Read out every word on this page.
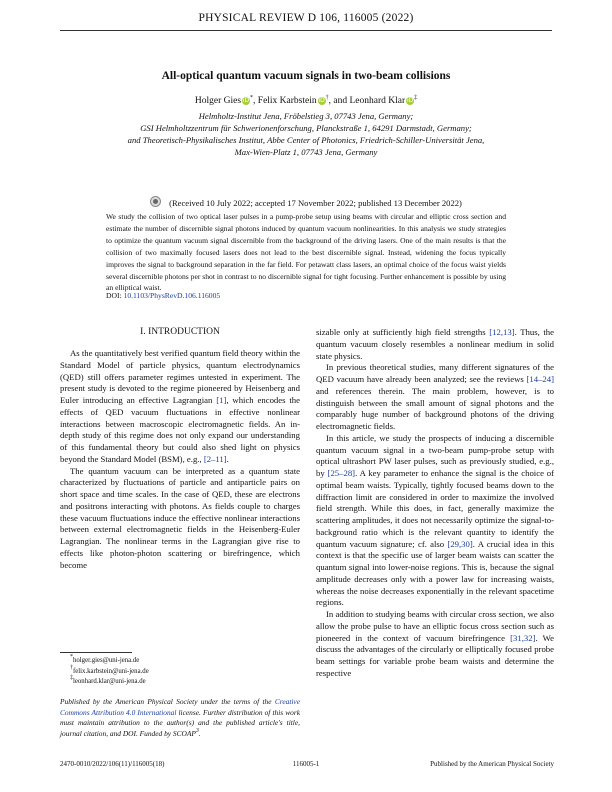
PHYSICAL REVIEW D 106, 116005 (2022)
All-optical quantum vacuum signals in two-beam collisions
Holger Gies iD*, Felix Karbstein iD†, and Leonhard Klar iD‡
Helmholtz-Institut Jena, Fröbelstieg 3, 07743 Jena, Germany;
GSI Helmholtzzentrum für Schwerionenforschung, Planckstraße 1, 64291 Darmstadt, Germany;
and Theoretisch-Physikalisches Institut, Abbe Center of Photonics, Friedrich-Schiller-Universität Jena,
Max-Wien-Platz 1, 07743 Jena, Germany
(Received 10 July 2022; accepted 17 November 2022; published 13 December 2022)
We study the collision of two optical laser pulses in a pump-probe setup using beams with circular and elliptic cross section and estimate the number of discernible signal photons induced by quantum vacuum nonlinearities. In this analysis we study strategies to optimize the quantum vacuum signal discernible from the background of the driving lasers. One of the main results is that the collision of two maximally focused lasers does not lead to the best discernible signal. Instead, widening the focus typically improves the signal to background separation in the far field. For petawatt class lasers, an optimal choice of the focus waist yields several discernible photons per shot in contrast to no discernible signal for tight focusing. Further enhancement is possible by using an elliptical waist.
DOI: 10.1103/PhysRevD.106.116005
I. INTRODUCTION

As the quantitatively best verified quantum field theory within the Standard Model of particle physics, quantum electrodynamics (QED) still offers parameter regimes untested in experiment. The present study is devoted to the regime pioneered by Heisenberg and Euler introducing an effective Lagrangian [1], which encodes the effects of QED vacuum fluctuations in effective nonlinear interactions between macroscopic electromagnetic fields. An in-depth study of this regime does not only expand our understanding of this fundamental theory but could also shed light on physics beyond the Standard Model (BSM), e.g., [2–11].

The quantum vacuum can be interpreted as a quantum state characterized by fluctuations of particle and antiparticle pairs on short space and time scales. In the case of QED, these are electrons and positrons interacting with photons. As fields couple to charges these vacuum fluctuations induce the effective nonlinear interactions between external electromagnetic fields in the Heisenberg-Euler Lagrangian. The nonlinear terms in the Lagrangian give rise to effects like photon-photon scattering or birefringence, which become

sizable only at sufficiently high field strengths [12,13]. Thus, the quantum vacuum closely resembles a nonlinear medium in solid state physics.

In previous theoretical studies, many different signatures of the QED vacuum have already been analyzed; see the reviews [14–24] and references therein. The main problem, however, is to distinguish between the small amount of signal photons and the comparably huge number of background photons of the driving electromagnetic fields.

In this article, we study the prospects of inducing a discernible quantum vacuum signal in a two-beam pump-probe setup with optical ultrashort PW laser pulses, such as previously studied, e.g., by [25–28]. A key parameter to enhance the signal is the choice of optimal beam waists. Typically, tightly focused beams down to the diffraction limit are considered in order to maximize the involved field strength. While this does, in fact, generally maximize the scattering amplitudes, it does not necessarily optimize the signal-to-background ratio which is the relevant quantity to identify the quantum vacuum signature; cf. also [29,30]. A crucial idea in this context is that the specific use of larger beam waists can scatter the quantum signal into lower-noise regions. This is, because the signal amplitude decreases only with a power law for increasing waists, whereas the noise decreases exponentially in the relevant spacetime regions.

In addition to studying beams with circular cross section, we also allow the probe pulse to have an elliptic focus cross section such as pioneered in the context of vacuum birefringence [31,32]. We discuss the advantages of the circularly or elliptically focused probe beam settings for variable probe beam waists and determine the respective

*holger.gies@uni-jena.de
†felix.karbstein@uni-jena.de
‡leonhard.klar@uni-jena.de
Published by the American Physical Society under the terms of the Creative Commons Attribution 4.0 International license. Further distribution of this work must maintain attribution to the author(s) and the published article's title, journal citation, and DOI. Funded by SCOAP$^3$.
2470-0010/2022/106(11)/116005(18)	116005-1	Published by the American Physical Society
